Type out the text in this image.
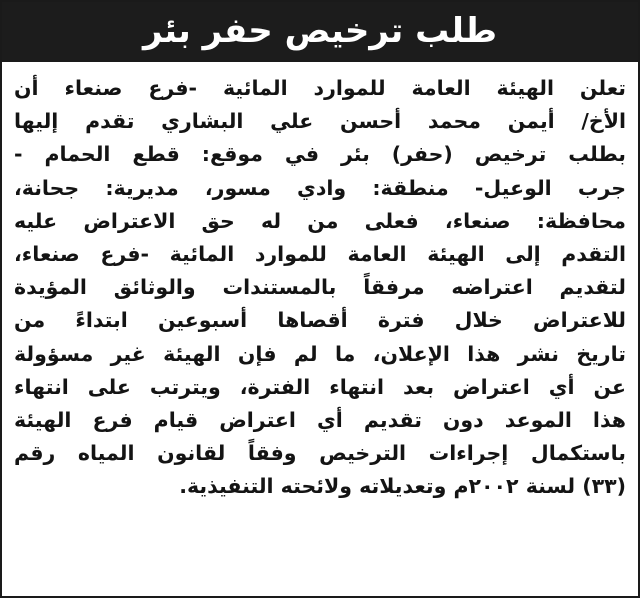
طلب ترخيص حفر بئر
تعلن الهيئة العامة للموارد المائية -فرع صنعاء أن
الأخ/ أيمن محمد أحسن علي البشاري تقدم إليها
بطلب ترخيص (حفر) بئر في موقع: قطع الحمام -
جرب الوعيل- منطقة: وادي مسور، مديرية: جحانة،
محافظة: صنعاء، فعلى من له حق الاعتراض عليه
التقدم إلى الهيئة العامة للموارد المائية -فرع صنعاء،
لتقديم اعتراضه مرفقاً بالمستندات والوثائق المؤيدة
للاعتراض خلال فترة أقصاها أسبوعين ابتداءً من
تاريخ نشر هذا الإعلان، ما لم فإن الهيئة غير مسؤولة
عن أي اعتراض بعد انتهاء الفترة، ويترتب على انتهاء
هذا الموعد دون تقديم أي اعتراض قيام فرع الهيئة
باستكمال إجراءات الترخيص وفقاً لقانون المياه رقم
(٣٣) لسنة ٢٠٠٢م وتعديلاته ولائحته التنفيذية.
